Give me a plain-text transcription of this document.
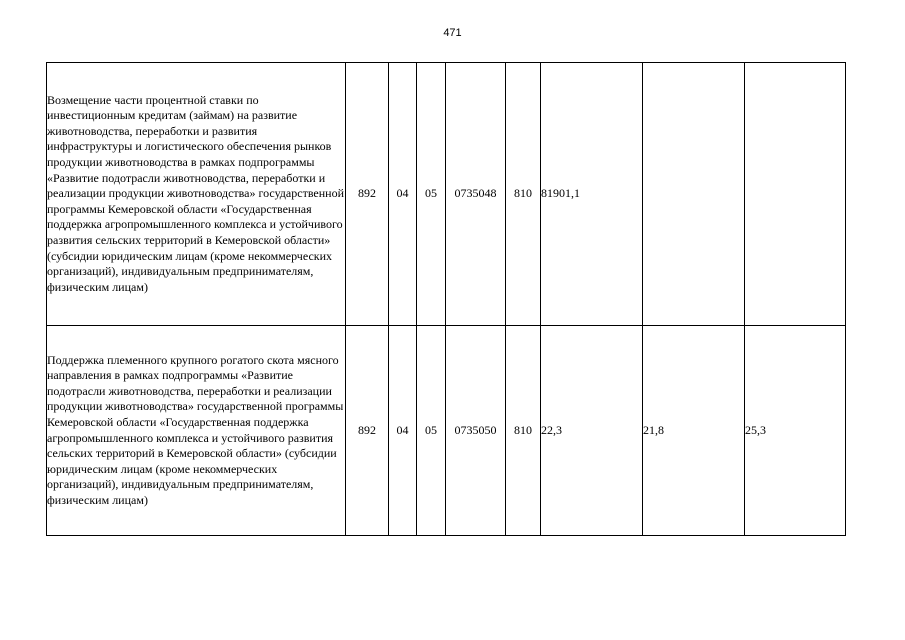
471
Возмещение части процентной ставки по инвестиционным кредитам (займам) на развитие животноводства, переработки и развития инфраструктуры и логистического обеспечения рынков продукции животноводства в рамках подпрограммы «Развитие подотрасли животноводства, переработки и реализации продукции животноводства» государственной программы Кемеровской области «Государственная поддержка агропромышленного комплекса и устойчивого развития сельских территорий в Кемеровской области» (субсидии юридическим лицам (кроме некоммерческих организаций), индивидуальным предпринимателям, физическим лицам)	892	04	05	0735048	810	81901,1		
Поддержка племенного крупного рогатого скота мясного направления в рамках подпрограммы «Развитие подотрасли животноводства, переработки и реализации продукции животноводства» государственной программы Кемеровской области «Государственная поддержка агропромышленного комплекса и устойчивого развития сельских территорий в Кемеровской области» (субсидии юридическим лицам (кроме некоммерческих организаций), индивидуальным предпринимателям, физическим лицам)	892	04	05	0735050	810	22,3	21,8	25,3
